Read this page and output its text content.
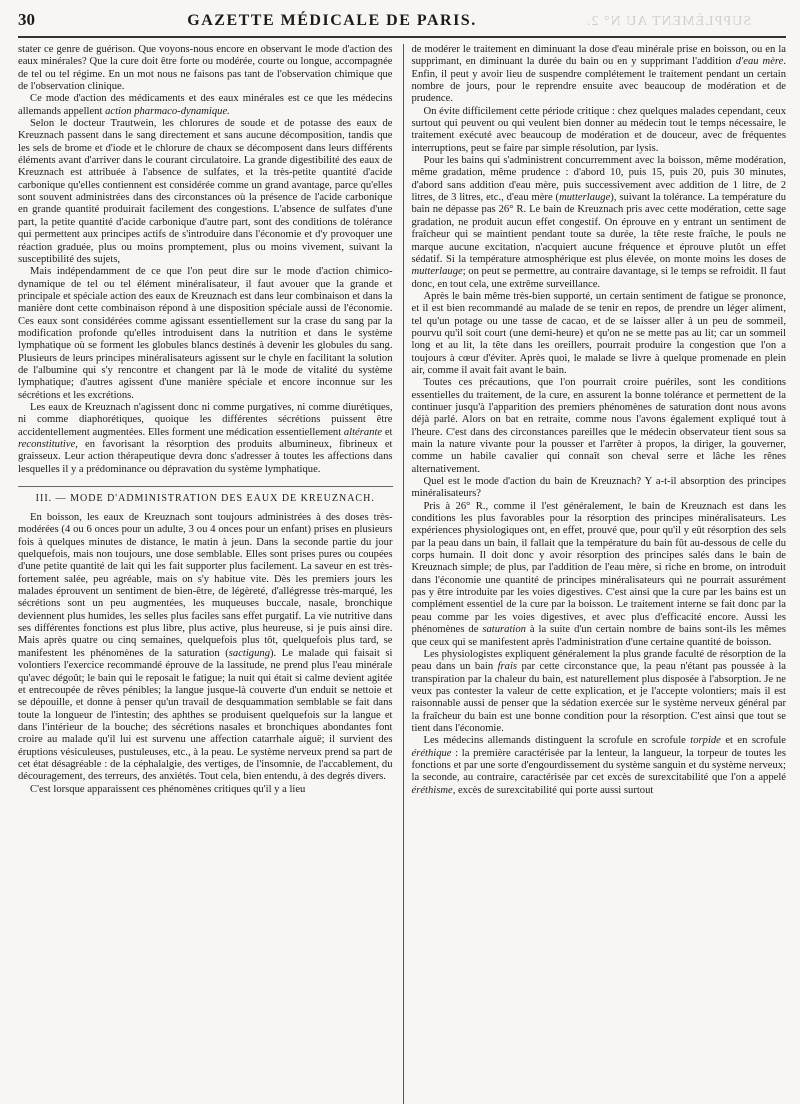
30	GAZETTE MÉDICALE DE PARIS.	SUPPLÉMENT AU N° 2.

stater ce genre de guérison. Que voyons-nous encore en observant le mode d'action des eaux minérales? Que la cure doit être forte ou modérée, courte ou longue, accompagnée de tel ou tel régime. En un mot nous ne faisons pas tant de l'observation chimique que de l'observation clinique.

Ce mode d'action des médicaments et des eaux minérales est ce que les médecins allemands appellent action pharmaco-dynamique.

Selon le docteur Trautwein, les chlorures de soude et de potasse des eaux de Kreuznach passent dans le sang directement et sans aucune décomposition, tandis que les sels de brome et d'iode et le chlorure de chaux se décomposent dans leurs différents éléments avant d'arriver dans le courant circulatoire. La grande digestibilité des eaux de Kreuznach est attribuée à l'absence de sulfates, et la très-petite quantité d'acide carbonique qu'elles contiennent est considérée comme un grand avantage, parce qu'elles sont souvent administrées dans des circonstances où la présence de l'acide carbonique en grande quantité produirait facilement des congestions. L'absence de sulfates d'une part, la petite quantité d'acide carbonique d'autre part, sont des conditions de tolérance qui permettent aux principes actifs de s'introduire dans l'économie et d'y provoquer une réaction graduée, plus ou moins promptement, plus ou moins vivement, suivant la susceptibilité des sujets,

Mais indépendamment de ce que l'on peut dire sur le mode d'action chimico-dynamique de tel ou tel élément minéralisateur, il faut avouer que la grande et principale et spéciale action des eaux de Kreuznach est dans leur combinaison et dans la manière dont cette combinaison répond à une disposition spéciale aussi de l'économie. Ces eaux sont considérées comme agissant essentiellement sur la crase du sang par la modification profonde qu'elles introduisent dans la nutrition et dans le système lymphatique où se forment les globules blancs destinés à devenir les globules du sang. Plusieurs de leurs principes minéralisateurs agissent sur le chyle en facilitant la solution de l'albumine qui s'y rencontre et changent par là le mode de vitalité du système lymphatique; d'autres agissent d'une manière spéciale et encore inconnue sur les sécrétions et les excrétions.

Les eaux de Kreuznach n'agissent donc ni comme purgatives, ni comme diurétiques, ni comme diaphorétiques, quoique les différentes sécrétions puissent être accidentellement augmentées. Elles forment une médication essentiellement altérante et reconstitutive, en favorisant la résorption des produits albumineux, fibrineux et graisseux. Leur action thérapeutique devra donc s'adresser à toutes les affections dans lesquelles il y a prédominance ou dépravation du système lymphatique.

III. — MODE D'ADMINISTRATION DES EAUX DE KREUZNACH.

En boisson, les eaux de Kreuznach sont toujours administrées à des doses très-modérées (4 ou 6 onces pour un adulte, 3 ou 4 onces pour un enfant) prises en plusieurs fois à quelques minutes de distance, le matin à jeun. Dans la seconde partie du jour quelquefois, mais non toujours, une dose semblable. Elles sont prises pures ou coupées d'une petite quantité de lait qui les fait supporter plus facilement. La saveur en est très-fortement salée, peu agréable, mais on s'y habitue vite. Dès les premiers jours les malades éprouvent un sentiment de bien-être, de légèreté, d'allégresse très-marqué, les sécrétions sont un peu augmentées, les muqueuses buccale, nasale, bronchique deviennent plus humides, les selles plus faciles sans effet purgatif. La vie nutritive dans ses différentes fonctions est plus libre, plus active, plus heureuse, si je puis ainsi dire. Mais après quatre ou cinq semaines, quelquefois plus tôt, quelquefois plus tard, se manifestent les phénomènes de la saturation (sactigung). Le malade qui faisait si volontiers l'exercice recommandé éprouve de la lassitude, ne prend plus l'eau minérale qu'avec dégoût; le bain qui le reposait le fatigue; la nuit qui était si calme devient agitée et entrecoupée de rêves pénibles; la langue jusque-là couverte d'un enduit se nettoie et se dépouille, et donne à penser qu'un travail de desquammation semblable se fait dans toute la longueur de l'intestin; des aphthes se produisent quelquefois sur la langue et dans l'intérieur de la bouche; des sécrétions nasales et bronchiques abondantes font croire au malade qu'il lui est survenu une affection catarrhale aiguë; il survient des éruptions vésiculeuses, pustuleuses, etc., à la peau. Le système nerveux prend sa part de cet état désagréable : de la céphalalgie, des vertiges, de l'insomnie, de l'accablement, du découragement, des terreurs, des anxiétés. Tout cela, bien entendu, à des degrés divers.

C'est lorsque apparaissent ces phénomènes critiques qu'il y a lieu

de modérer le traitement en diminuant la dose d'eau minérale prise en boisson, ou en la supprimant, en diminuant la durée du bain ou en y supprimant l'addition d'eau mère. Enfin, il peut y avoir lieu de suspendre complétement le traitement pendant un certain nombre de jours, pour le reprendre ensuite avec beaucoup de modération et de prudence.

On évite difficilement cette période critique : chez quelques malades cependant, ceux surtout qui peuvent ou qui veulent bien donner au médecin tout le temps nécessaire, le traitement exécuté avec beaucoup de modération et de douceur, avec de fréquentes interruptions, peut se faire par simple résolution, par lysis.

Pour les bains qui s'administrent concurremment avec la boisson, même modération, même gradation, même prudence : d'abord 10, puis 15, puis 20, puis 30 minutes, d'abord sans addition d'eau mère, puis successivement avec addition de 1 litre, de 2 litres, de 3 litres, etc., d'eau mère (mutterlauge), suivant la tolérance. La température du bain ne dépasse pas 26° R. Le bain de Kreuznach pris avec cette modération, cette sage gradation, ne produit aucun effet congestif. On éprouve en y entrant un sentiment de fraîcheur qui se maintient pendant toute sa durée, la tête reste fraîche, le pouls ne marque aucune excitation, n'acquiert aucune fréquence et éprouve plutôt un effet sédatif. Si la température atmosphérique est plus élevée, on monte moins les doses de mutterlauge; on peut se permettre, au contraire davantage, si le temps se refroidit. Il faut donc, en tout cela, une extrême surveillance.

Après le bain même très-bien supporté, un certain sentiment de fatigue se prononce, et il est bien recommandé au malade de se tenir en repos, de prendre un léger aliment, tel qu'un potage ou une tasse de cacao, et de se laisser aller à un peu de sommeil, pourvu qu'il soit court (une demi-heure) et qu'on ne se mette pas au lit; car un sommeil long et au lit, la tête dans les oreillers, pourrait produire la congestion que l'on a toujours à cœur d'éviter. Après quoi, le malade se livre à quelque promenade en plein air, comme il avait fait avant le bain.

Toutes ces précautions, que l'on pourrait croire puériles, sont les conditions essentielles du traitement, de la cure, en assurent la bonne tolérance et permettent de la continuer jusqu'à l'apparition des premiers phénomènes de saturation dont nous avons déjà parlé. Alors on bat en retraite, comme nous l'avons également expliqué tout à l'heure. C'est dans des circonstances pareilles que le médecin observateur tient sous sa main la nature vivante pour la pousser et l'arrêter à propos, la diriger, la gouverner, comme un habile cavalier qui connaît son cheval serre et lâche les rênes alternativement.

Quel est le mode d'action du bain de Kreuznach? Y a-t-il absorption des principes minéralisateurs?

Pris à 26° R., comme il l'est généralement, le bain de Kreuznach est dans les conditions les plus favorables pour la résorption des principes minéralisateurs. Les expériences physiologiques ont, en effet, prouvé que, pour qu'il y eût résorption des sels par la peau dans un bain, il fallait que la température du bain fût au-dessous de celle du corps humain. Il doit donc y avoir résorption des principes salés dans le bain de Kreuznach simple; de plus, par l'addition de l'eau mère, si riche en brome, on introduit dans l'économie une quantité de principes minéralisateurs qui ne pourrait assurément pas y être introduite par les voies digestives. C'est ainsi que la cure par les bains est un complément essentiel de la cure par la boisson. Le traitement interne se fait donc par la peau comme par les voies digestives, et avec plus d'efficacité encore. Aussi les phénomènes de saturation à la suite d'un certain nombre de bains sont-ils les mêmes que ceux qui se manifestent après l'administration d'une certaine quantité de boisson.

Les physiologistes expliquent généralement la plus grande faculté de résorption de la peau dans un bain frais par cette circonstance que, la peau n'étant pas poussée à la transpiration par la chaleur du bain, est naturellement plus disposée à l'absorption. Je ne veux pas contester la valeur de cette explication, et je l'accepte volontiers; mais il est raisonnable aussi de penser que la sédation exercée sur le système nerveux général par la fraîcheur du bain est une bonne condition pour la résorption. C'est ainsi que tout se tient dans l'économie.

Les médecins allemands distinguent la scrofule en scrofule torpide et en scrofule éréthique : la première caractérisée par la lenteur, la langueur, la torpeur de toutes les fonctions et par une sorte d'engourdissement du système sanguin et du système nerveux; la seconde, au contraire, caractérisée par cet excès de surexcitabilité que l'on a appelé éréthisme, excès de surexcitabilité qui porte aussi surtout
